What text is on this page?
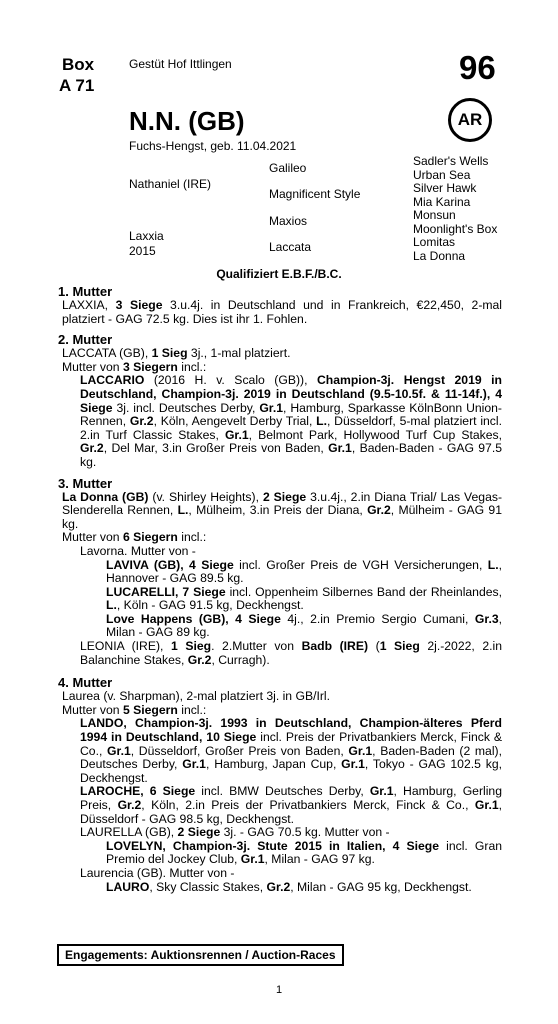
Box
A 71
Gestüt Hof Ittlingen	96
N.N. (GB)
Fuchs-Hengst, geb. 11.04.2021
AR
Nathaniel (IRE)
Laxxia
2015
Galileo
Magnificent Style
Maxios
Laccata
Sadler's Wells
Urban Sea
Silver Hawk
Mia Karina
Monsun
Moonlight's Box
Lomitas
La Donna
Qualifiziert E.B.F./B.C.
1. Mutter

LAXXIA, 3 Siege 3.u.4j. in Deutschland und in Frankreich, €22,450, 2-mal platziert - GAG 72.5 kg. Dies ist ihr 1. Fohlen.

2. Mutter

LACCATA (GB), 1 Sieg 3j., 1-mal platziert.

Mutter von 3 Siegern incl.:

LACCARIO (2016 H. v. Scalo (GB)), Champion-3j. Hengst 2019 in Deutschland, Champion-3j. 2019 in Deutschland (9.5-10.5f. & 11-14f.), 4 Siege 3j. incl. Deutsches Derby, Gr.1, Hamburg, Sparkasse KölnBonn Union-Rennen, Gr.2, Köln, Aengevelt Derby Trial, L., Düsseldorf, 5-mal platziert incl. 2.in Turf Classic Stakes, Gr.1, Belmont Park, Hollywood Turf Cup Stakes, Gr.2, Del Mar, 3.in Großer Preis von Baden, Gr.1, Baden-Baden - GAG 97.5 kg.

3. Mutter

La Donna (GB) (v. Shirley Heights), 2 Siege 3.u.4j., 2.in Diana Trial/ Las Vegas-Slenderella Rennen, L., Mülheim, 3.in Preis der Diana, Gr.2, Mülheim - GAG 91 kg.

Mutter von 6 Siegern incl.:

Lavorna. Mutter von -

LAVIVA (GB), 4 Siege incl. Großer Preis de VGH Versicherungen, L., Hannover - GAG 89.5 kg.

LUCARELLI, 7 Siege incl. Oppenheim Silbernes Band der Rheinlandes, L., Köln - GAG 91.5 kg, Deckhengst.

Love Happens (GB), 4 Siege 4j., 2.in Premio Sergio Cumani, Gr.3, Milan - GAG 89 kg.

LEONIA (IRE), 1 Sieg. 2.Mutter von Badb (IRE) (1 Sieg 2j.-2022, 2.in Balanchine Stakes, Gr.2, Curragh).

4. Mutter

Laurea (v. Sharpman), 2-mal platziert 3j. in GB/Irl.

Mutter von 5 Siegern incl.:

LANDO, Champion-3j. 1993 in Deutschland, Champion-älteres Pferd 1994 in Deutschland, 10 Siege incl. Preis der Privatbankiers Merck, Finck & Co., Gr.1, Düsseldorf, Großer Preis von Baden, Gr.1, Baden-Baden (2 mal), Deutsches Derby, Gr.1, Hamburg, Japan Cup, Gr.1, Tokyo - GAG 102.5 kg, Deckhengst.

LAROCHE, 6 Siege incl. BMW Deutsches Derby, Gr.1, Hamburg, Gerling Preis, Gr.2, Köln, 2.in Preis der Privatbankiers Merck, Finck & Co., Gr.1, Düsseldorf - GAG 98.5 kg, Deckhengst.

LAURELLA (GB), 2 Siege 3j. - GAG 70.5 kg. Mutter von -

LOVELYN, Champion-3j. Stute 2015 in Italien, 4 Siege incl. Gran Premio del Jockey Club, Gr.1, Milan - GAG 97 kg.

Laurencia (GB). Mutter von -

LAURO, Sky Classic Stakes, Gr.2, Milan - GAG 95 kg, Deckhengst.

Engagements: Auktionsrennen / Auction-Races
1
